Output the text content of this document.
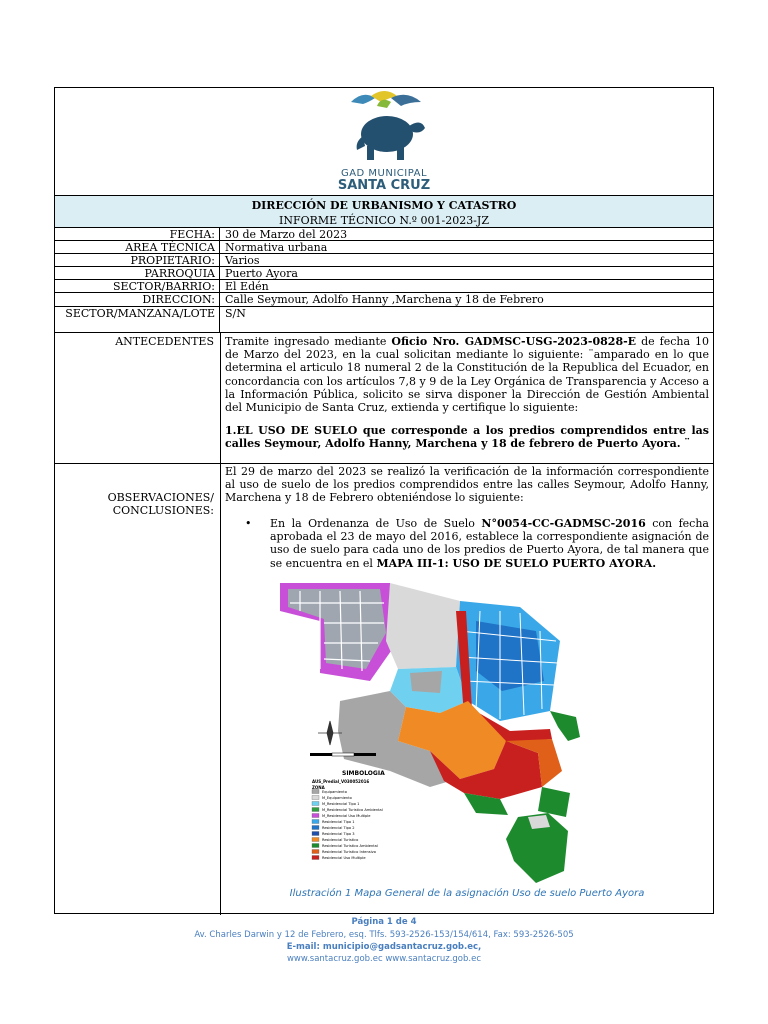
GAD MUNICIPAL
SANTA CRUZ
DIRECCIÓN DE URBANISMO Y CATASTRO
INFORME TÉCNICO N.º 001-2023-JZ
FECHA: 30 de Marzo del 2023
AREA TÉCNICA Normativa urbana
PROPIETARIO: Varios
PARROQUIA Puerto Ayora
SECTOR/BARRIO: El Edén
DIRECCION: Calle Seymour, Adolfo Hanny ,Marchena y 18 de Febrero
SECTOR/MANZANA/LOTE S/N
ANTECEDENTES	Tramite ingresado mediante Oficio Nro. GADMSC-USG-2023-0828-E de fecha 10 de Marzo del 2023, en la cual solicitan mediante lo siguiente: ¨amparado en lo que determina el articulo 18 numeral 2 de la Constitución de la Republica del Ecuador, en concordancia con los artículos 7,8 y 9 de la Ley Orgánica de Transparencia y Acceso a la Información Pública, solicito se sirva disponer la Dirección de Gestión Ambiental del Municipio de Santa Cruz, extienda y certifique lo siguiente:
1.EL USO DE SUELO que corresponde a los predios comprendidos entre las calles Seymour, Adolfo Hanny, Marchena y 18 de febrero de Puerto Ayora. ¨
OBSERVACIONES/
CONCLUSIONES:
El 29 de marzo del 2023 se realizó la verificación de la información correspondiente al uso de suelo de los predios comprendidos entre las calles Seymour, Adolfo Hanny, Marchena y 18 de Febrero obteniéndose lo siguiente:
• En la Ordenanza de Uso de Suelo N°0054-CC-GADMSC-2016 con fecha aprobada el 23 de mayo del 2016, establece la correspondiente asignación de uso de suelo para cada uno de los predios de Puerto Ayora, de tal manera que se encuentra en el MAPA III-1: USO DE SUELO PUERTO AYORA.
SIMBOLOGIA
AUS_Predial_V030052016
ZONA
Equipamiento
M_Equipamiento
M_Residencial Tipo 1
M_Residencial Turistico Ambiental
M_Residencial Uso Multiple
Residencial Tipo 1
Residencial Tipo 2
Residencial Tipo 3
Residencial Turistico
Residencial Turistico Ambiental
Residencial Turistico Intensivo
Residencial Uso Multiple
Ilustración 1 Mapa General de la asignación Uso de suelo Puerto Ayora
Página 1 de 4
Av. Charles Darwin y 12 de Febrero, esq. Tlfs. 593-2526-153/154/614, Fax: 593-2526-505
E-mail: municipio@gadsantacruz.gob.ec,
www.santacruz.gob.ec www.santacruz.gob.ec
